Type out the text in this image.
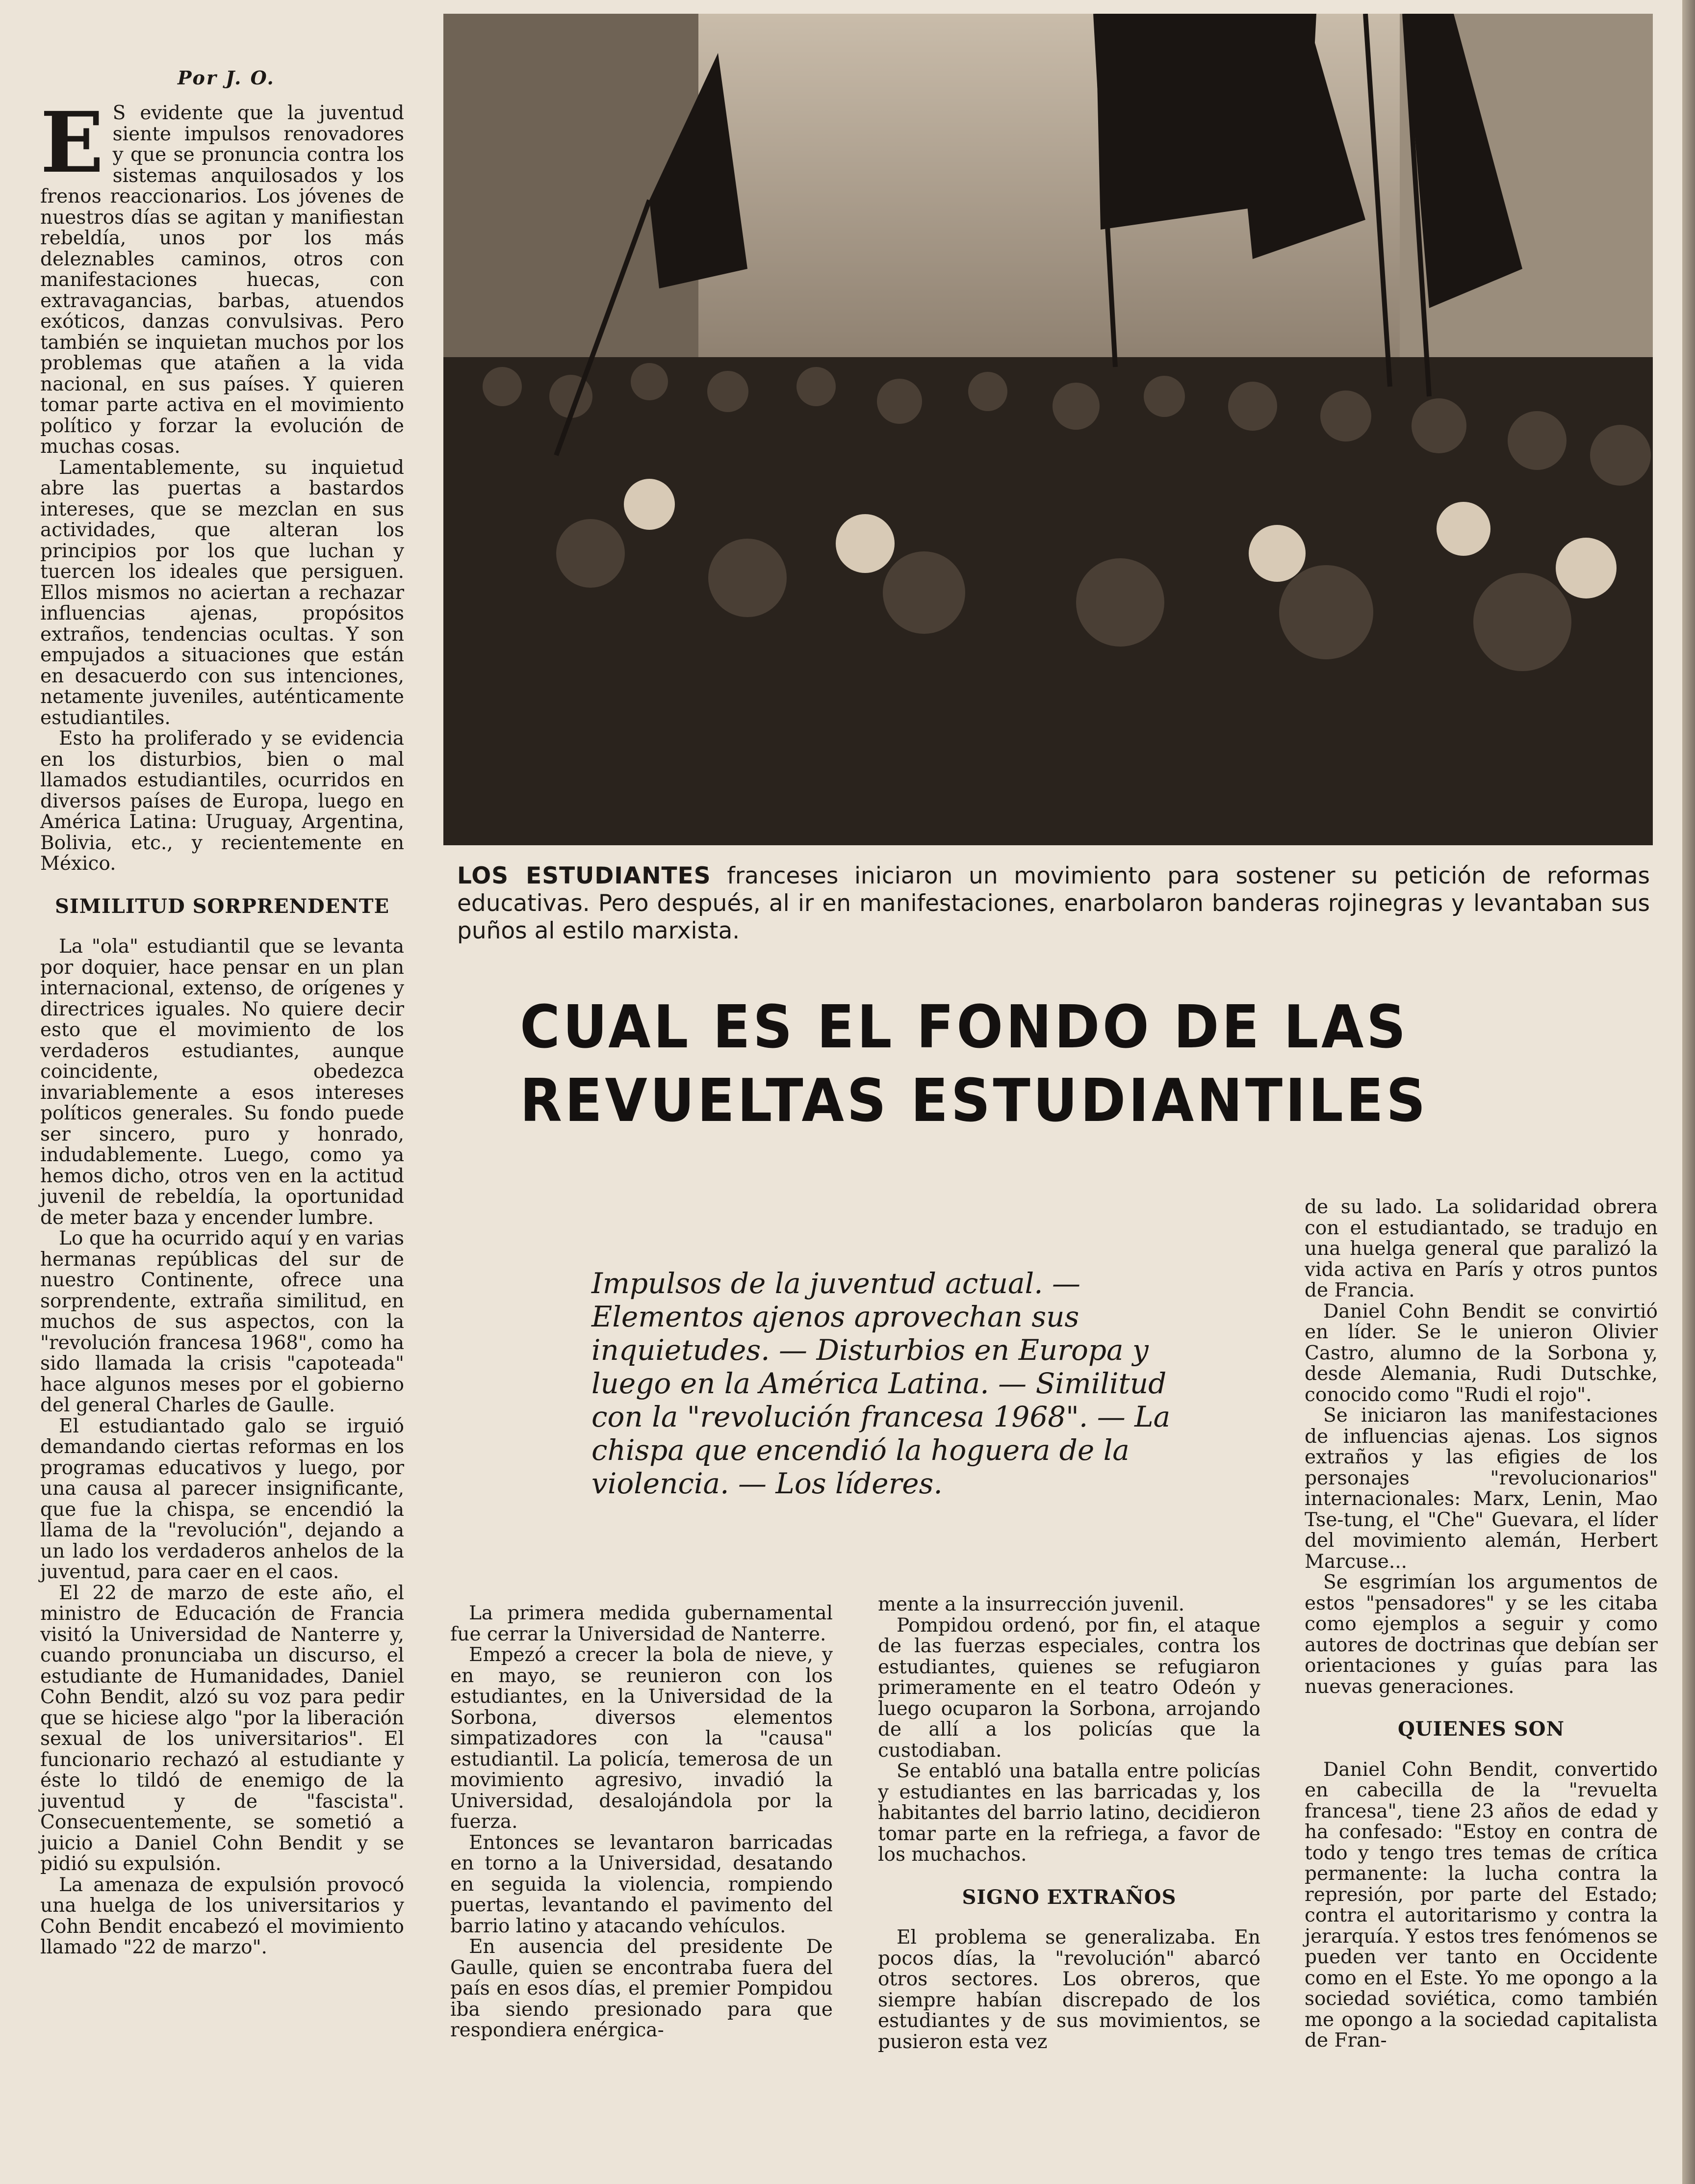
Por J. O.

E S evidente que la juventud siente impulsos renovadores y que se pronuncia contra los sistemas anquilosados y los frenos reaccionarios. Los jóvenes de nuestros días se agitan y manifiestan rebeldía, unos por los más deleznables caminos, otros con manifestaciones huecas, con extravagancias, barbas, atuendos exóticos, danzas convulsivas. Pero también se inquietan muchos por los problemas que atañen a la vida nacional, en sus países. Y quieren tomar parte activa en el movimiento político y forzar la evolución de muchas cosas.

Lamentablemente, su inquietud abre las puertas a bastardos intereses, que se mezclan en sus actividades, que alteran los principios por los que luchan y tuercen los ideales que persiguen. Ellos mismos no aciertan a rechazar influencias ajenas, propósitos extraños, tendencias ocultas. Y son empujados a situaciones que están en desacuerdo con sus intenciones, netamente juveniles, auténticamente estudiantiles.

Esto ha proliferado y se evidencia en los disturbios, bien o mal llamados estudiantiles, ocurridos en diversos países de Europa, luego en América Latina: Uruguay, Argentina, Bolivia, etc., y recientemente en México.

SIMILITUD SORPRENDENTE

La "ola" estudiantil que se levanta por doquier, hace pensar en un plan internacional, extenso, de orígenes y directrices iguales. No quiere decir esto que el movimiento de los verdaderos estudiantes, aunque coincidente, obedezca invariablemente a esos intereses políticos generales. Su fondo puede ser sincero, puro y honrado, indudablemente. Luego, como ya hemos dicho, otros ven en la actitud juvenil de rebeldía, la oportunidad de meter baza y encender lumbre.

Lo que ha ocurrido aquí y en varias hermanas repúblicas del sur de nuestro Continente, ofrece una sorprendente, extraña similitud, en muchos de sus aspectos, con la "revolución francesa 1968", como ha sido llamada la crisis "capoteada" hace algunos meses por el gobierno del general Charles de Gaulle.

El estudiantado galo se irguió demandando ciertas reformas en los programas educativos y luego, por una causa al parecer insignificante, que fue la chispa, se encendió la llama de la "revolución", dejando a un lado los verdaderos anhelos de la juventud, para caer en el caos.

El 22 de marzo de este año, el ministro de Educación de Francia visitó la Universidad de Nanterre y, cuando pronunciaba un discurso, el estudiante de Humanidades, Daniel Cohn Bendit, alzó su voz para pedir que se hiciese algo "por la liberación sexual de los universitarios". El funcionario rechazó al estudiante y éste lo tildó de enemigo de la juventud y de "fascista". Consecuentemente, se sometió a juicio a Daniel Cohn Bendit y se pidió su expulsión.

La amenaza de expulsión provocó una huelga de los universitarios y Cohn Bendit encabezó el movimiento llamado "22 de marzo".

LOS ESTUDIANTES franceses iniciaron un movimiento para sostener su petición de reformas educativas. Pero después, al ir en manifestaciones, enarbolaron banderas rojinegras y levantaban sus puños al estilo marxista.
CUAL ES EL FONDO DE LAS
REVUELTAS ESTUDIANTILES
Impulsos de la juventud actual. — Elementos ajenos aprovechan sus inquietudes. — Disturbios en Europa y luego en la América Latina. — Similitud con la "revolución francesa 1968". — La chispa que encendió la hoguera de la violencia. — Los líderes.

La primera medida gubernamental fue cerrar la Universidad de Nanterre.

Empezó a crecer la bola de nieve, y en mayo, se reunieron con los estudiantes, en la Universidad de la Sorbona, diversos elementos simpatizadores con la "causa" estudiantil. La policía, temerosa de un movimiento agresivo, invadió la Universidad, desalojándola por la fuerza.

Entonces se levantaron barricadas en torno a la Universidad, desatando en seguida la violencia, rompiendo puertas, levantando el pavimento del barrio latino y atacando vehículos.

En ausencia del presidente De Gaulle, quien se encontraba fuera del país en esos días, el premier Pompidou iba siendo presionado para que respondiera enérgica-

mente a la insurrección juvenil.

Pompidou ordenó, por fin, el ataque de las fuerzas especiales, contra los estudiantes, quienes se refugiaron primeramente en el teatro Odeón y luego ocuparon la Sorbona, arrojando de allí a los policías que la custodiaban.

Se entabló una batalla entre policías y estudiantes en las barricadas y, los habitantes del barrio latino, decidieron tomar parte en la refriega, a favor de los muchachos.

SIGNO EXTRAÑOS

El problema se generalizaba. En pocos días, la "revolución" abarcó otros sectores. Los obreros, que siempre habían discrepado de los estudiantes y de sus movimientos, se pusieron esta vez

de su lado. La solidaridad obrera con el estudiantado, se tradujo en una huelga general que paralizó la vida activa en París y otros puntos de Francia.

Daniel Cohn Bendit se convirtió en líder. Se le unieron Olivier Castro, alumno de la Sorbona y, desde Alemania, Rudi Dutschke, conocido como "Rudi el rojo".

Se iniciaron las manifestaciones de influencias ajenas. Los signos extraños y las efigies de los personajes "revolucionarios" internacionales: Marx, Lenin, Mao Tse-tung, el "Che" Guevara, el líder del movimiento alemán, Herbert Marcuse...

Se esgrimían los argumentos de estos "pensadores" y se les citaba como ejemplos a seguir y como autores de doctrinas que debían ser orientaciones y guías para las nuevas generaciones.

QUIENES SON

Daniel Cohn Bendit, convertido en cabecilla de la "revuelta francesa", tiene 23 años de edad y ha confesado: "Estoy en contra de todo y tengo tres temas de crítica permanente: la lucha contra la represión, por parte del Estado; contra el autoritarismo y contra la jerarquía. Y estos tres fenómenos se pueden ver tanto en Occidente como en el Este. Yo me opongo a la sociedad soviética, como también me opongo a la sociedad capitalista de Fran-
